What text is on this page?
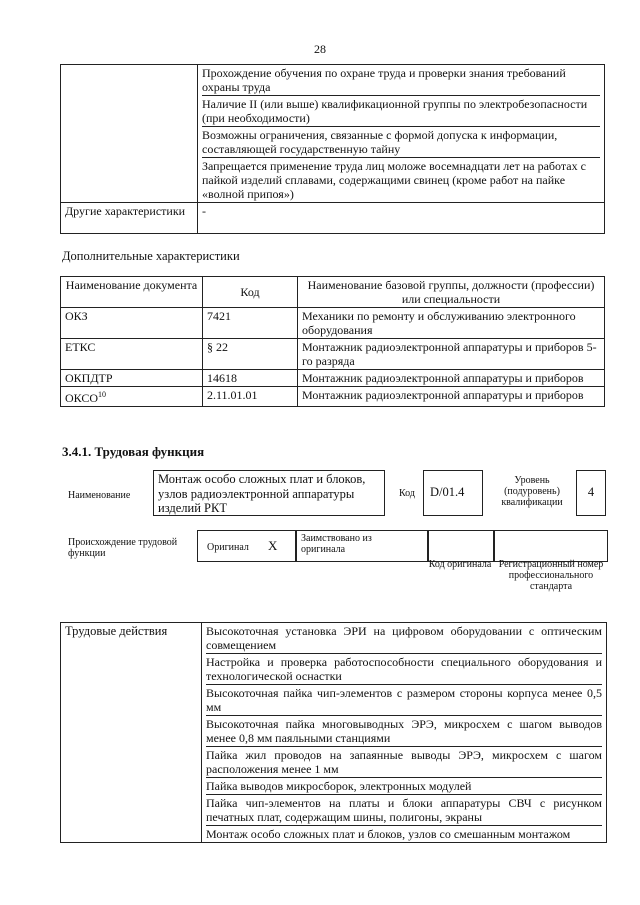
28

	Прохождение обучения по охране труда и проверки знания требований охраны труда
Наличие II (или выше) квалификационной группы по электробезопасности (при необходимости)
Возможны ограничения, связанные с формой допуска к информации, составляющей государственную тайну
Запрещается применение труда лиц моложе восемнадцати лет на работах с пайкой изделий сплавами, содержащими свинец (кроме работ на пайке «волной припоя»)

Другие характеристики	-
Дополнительные характеристики
Наименование документа	Код	Наименование базовой группы, должности (профессии) или специальности
ОКЗ	7421	Механики по ремонту и обслуживанию электронного оборудования
ЕТКС	§ 22	Монтажник радиоэлектронной аппаратуры и приборов 5-го разряда
ОКПДТР	14618	Монтажник радиоэлектронной аппаратуры и приборов
ОКСО$^{10}$	2.11.01.01	Монтажник радиоэлектронной аппаратуры и приборов
3.4.1. Трудовая функция
Наименование
Монтаж особо сложных плат и блоков, узлов радиоэлектронной аппаратуры изделий РКТ
Код	D/01.4
Уровень (подуровень) квалификации
4
Происхождение трудовой функции
Оригинал X Заимствовано из оригинала
Код оригинала Регистрационный номер профессионального стандарта
Трудовые действия	Высокоточная установка ЭРИ на цифровом оборудовании с оптическим совмещением
Настройка и проверка работоспособности специального оборудования и технологической оснастки
Высокоточная пайка чип-элементов с размером стороны корпуса менее 0,5 мм
Высокоточная пайка многовыводных ЭРЭ, микросхем с шагом выводов менее 0,8 мм паяльными станциями
Пайка жил проводов на запаянные выводы ЭРЭ, микросхем с шагом расположения менее 1 мм
Пайка выводов микросборок, электронных модулей
Пайка чип-элементов на платы и блоки аппаратуры СВЧ с рисунком печатных плат, содержащим шины, полигоны, экраны
Монтаж особо сложных плат и блоков, узлов со смешанным монтажом
